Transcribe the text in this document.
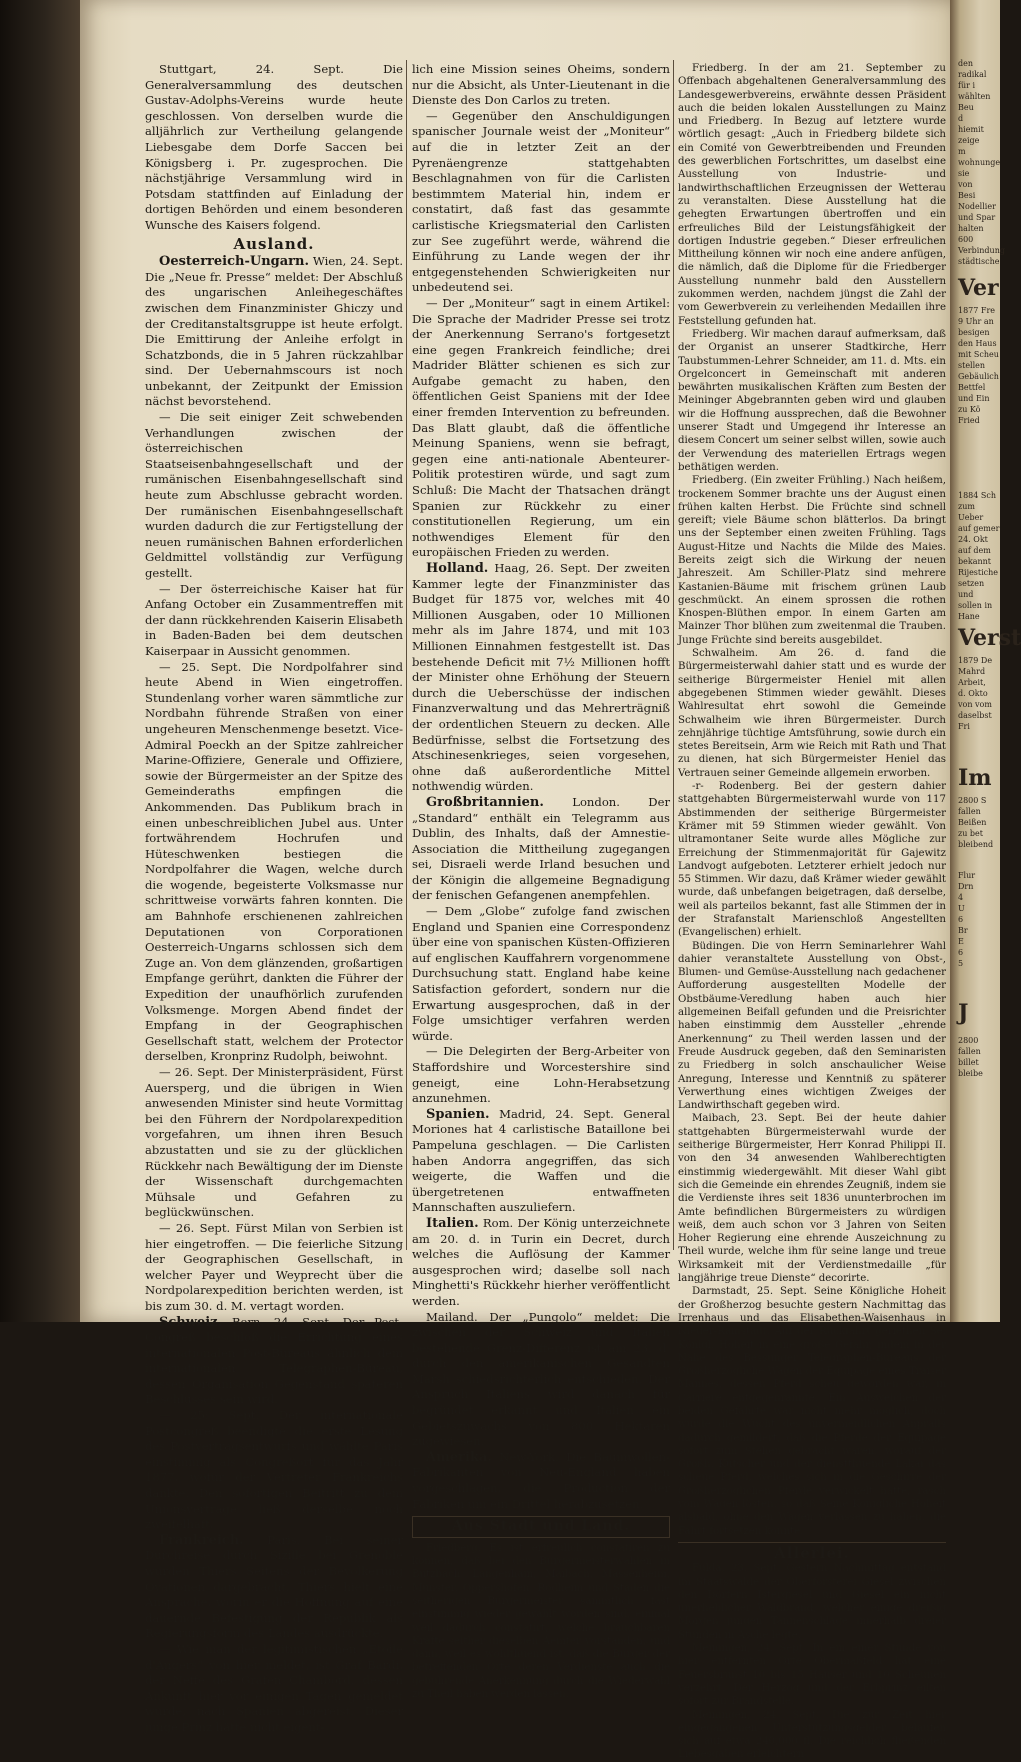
Stuttgart, 24. Sept. Die Generalversammlung des deutschen Gustav-Adolphs-Vereins wurde heute geschlossen. Von derselben wurde die alljährlich zur Vertheilung gelangende Liebesgabe dem Dorfe Saccen bei Königsberg i. Pr. zugesprochen. Die nächstjährige Versammlung wird in Potsdam stattfinden auf Einladung der dortigen Behörden und einem besonderen Wunsche des Kaisers folgend.

Ausland.

Oesterreich-Ungarn. Wien, 24. Sept. Die „Neue fr. Presse“ meldet: Der Abschluß des ungarischen Anleihegeschäftes zwischen dem Finanzminister Ghiczy und der Creditanstaltsgruppe ist heute erfolgt. Die Emittirung der Anleihe erfolgt in Schatzbonds, die in 5 Jahren rückzahlbar sind. Der Uebernahmscours ist noch unbekannt, der Zeitpunkt der Emission nächst bevorstehend.

— Die seit einiger Zeit schwebenden Verhandlungen zwischen der österreichischen Staatseisenbahngesellschaft und der rumänischen Eisenbahngesellschaft sind heute zum Abschlusse gebracht worden. Der rumänischen Eisenbahngesellschaft wurden dadurch die zur Fertigstellung der neuen rumänischen Bahnen erforderlichen Geldmittel vollständig zur Verfügung gestellt.

— Der österreichische Kaiser hat für Anfang October ein Zusammentreffen mit der dann rückkehrenden Kaiserin Elisabeth in Baden-Baden bei dem deutschen Kaiserpaar in Aussicht genommen.

— 25. Sept. Die Nordpolfahrer sind heute Abend in Wien eingetroffen. Stundenlang vorher waren sämmtliche zur Nordbahn führende Straßen von einer ungeheuren Menschenmenge besetzt. Vice-Admiral Poeckh an der Spitze zahlreicher Marine-Offiziere, Generale und Offiziere, sowie der Bürgermeister an der Spitze des Gemeinderaths empfingen die Ankommenden. Das Publikum brach in einen unbeschreiblichen Jubel aus. Unter fortwährendem Hochrufen und Hüteschwenken bestiegen die Nordpolfahrer die Wagen, welche durch die wogende, begeisterte Volksmasse nur schrittweise vorwärts fahren konnten. Die am Bahnhofe erschienenen zahlreichen Deputationen von Corporationen Oesterreich-Ungarns schlossen sich dem Zuge an. Von dem glänzenden, großartigen Empfange gerührt, dankten die Führer der Expedition der unaufhörlich zurufenden Volksmenge. Morgen Abend findet der Empfang in der Geographischen Gesellschaft statt, welchem der Protector derselben, Kronprinz Rudolph, beiwohnt.

— 26. Sept. Der Ministerpräsident, Fürst Auersperg, und die übrigen in Wien anwesenden Minister sind heute Vormittag bei den Führern der Nordpolarexpedition vorgefahren, um ihnen ihren Besuch abzustatten und sie zu der glücklichen Rückkehr nach Bewältigung der im Dienste der Wissenschaft durchgemachten Mühsale und Gefahren zu beglückwünschen.

— 26. Sept. Fürst Milan von Serbien ist hier eingetroffen. — Die feierliche Sitzung der Geographischen Gesellschaft, in welcher Payer und Weyprecht über die Nordpolarexpedition berichten werden, ist bis zum 30. d. M. vertagt worden.

Schweiz. Bern, 24. Sept. Der Post-Congreß beschloß die Errichtung eines internationalen Post-Büreaus ähnlich dem internationalen Telegraphen-Büreau, dessen Organisation Gegenstand späteren Beschlusses sein wird.

— 25: Sept. Der internationale Postcongreß beendigte die erste Lesung des Postvertragsentwurfs und wählte Paris einstimmig als Congreßort für das Jahr 1877, wofür der Vertreter Frankreichs dankte. Den sofortigen Beitritt zu dem Unionsvertrage ließ derselbe noch zweifelhaft.

Frankreich. Paris. Bei seiner Durchreise durch Sizille bei Grenoble wurden Thiers Seitens der Bevölkerung Ovationen dargebracht. Thiers hielt eine Ansprache, worin er die Hoffnung auf eine dauernde Befestigung der Republik als Regierungsform des Landes ausdrückte.

— Wie man der legitimistischen „Etoile d'Angers“ von hier meldet, ist Graf Bardi, der Neffe des Grafen Chambord, dessen Ankunft hier vor einigen Tagen gemeldet wurde, nach Spanien abgereist. Dieser junge Prinz hätte nicht eigent-

lich eine Mission seines Oheims, sondern nur die Absicht, als Unter-Lieutenant in die Dienste des Don Carlos zu treten.

— Gegenüber den Anschuldigungen spanischer Journale weist der „Moniteur“ auf die in letzter Zeit an der Pyrenäengrenze stattgehabten Beschlagnahmen von für die Carlisten bestimmtem Material hin, indem er constatirt, daß fast das gesammte carlistische Kriegsmaterial den Carlisten zur See zugeführt werde, während die Einführung zu Lande wegen der ihr entgegenstehenden Schwierigkeiten nur unbedeutend sei.

— Der „Moniteur“ sagt in einem Artikel: Die Sprache der Madrider Presse sei trotz der Anerkennung Serrano's fortgesetzt eine gegen Frankreich feindliche; drei Madrider Blätter schienen es sich zur Aufgabe gemacht zu haben, den öffentlichen Geist Spaniens mit der Idee einer fremden Intervention zu befreunden. Das Blatt glaubt, daß die öffentliche Meinung Spaniens, wenn sie befragt, gegen eine anti-nationale Abenteurer-Politik protestiren würde, und sagt zum Schluß: Die Macht der Thatsachen drängt Spanien zur Rückkehr zu einer constitutionellen Regierung, um ein nothwendiges Element für den europäischen Frieden zu werden.

Holland. Haag, 26. Sept. Der zweiten Kammer legte der Finanzminister das Budget für 1875 vor, welches mit 40 Millionen Ausgaben, oder 10 Millionen mehr als im Jahre 1874, und mit 103 Millionen Einnahmen festgestellt ist. Das bestehende Deficit mit 7½ Millionen hofft der Minister ohne Erhöhung der Steuern durch die Ueberschüsse der indischen Finanzverwaltung und das Mehrerträgniß der ordentlichen Steuern zu decken. Alle Bedürfnisse, selbst die Fortsetzung des Atschinesenkrieges, seien vorgesehen, ohne daß außerordentliche Mittel nothwendig würden.

Großbritannien. London. Der „Standard“ enthält ein Telegramm aus Dublin, des Inhalts, daß der Amnestie-Association die Mittheilung zugegangen sei, Disraeli werde Irland besuchen und der Königin die allgemeine Begnadigung der fenischen Gefangenen anempfehlen.

— Dem „Globe“ zufolge fand zwischen England und Spanien eine Correspondenz über eine von spanischen Küsten-Offizieren auf englischen Kauffahrern vorgenommene Durchsuchung statt. England habe keine Satisfaction gefordert, sondern nur die Erwartung ausgesprochen, daß in der Folge umsichtiger verfahren werden würde.

— Die Delegirten der Berg-Arbeiter von Staffordshire und Worcestershire sind geneigt, eine Lohn-Herabsetzung anzunehmen.

Spanien. Madrid, 24. Sept. General Moriones hat 4 carlistische Bataillone bei Pampeluna geschlagen. — Die Carlisten haben Andorra angegriffen, das sich weigerte, die Waffen und die übergetretenen entwaffneten Mannschaften auszuliefern.

Italien. Rom. Der König unterzeichnete am 20. d. in Turin ein Decret, durch welches die Auflösung der Kammer ausgesprochen wird; daselbe soll nach Minghetti's Rückkehr hierher veröffentlicht werden.

Mailand. Der „Pungolo“ meldet: Die zwischen der Schweiz und Italien bestehende Grenz-Differenz ist am 23. d. durch den amerikanischen Gesandten Marsh schiedsrichterlich entschieden. Der Anspruch Italiens wird danach für begründet erkannt und Italien ein Gebietszuwachs von 800 Hektaren zugewiesen.

Amerika. New-York. Die Baumwollen-Fabrikanten von Neu-England haben vorgeschlagen, die Production der Fabriken um ein Drittel herabzusetzen.

Aus Stadt und Land.

Friedberg. Es ist erfreulich constatiren zu können, daß bei den Bürgermeisterwahlen in Butzbach, Langenhain, Maibach, Massenheim, Münster, Oppershofen, Rodheim und Staden die seitherigen Bürgermeister sämmtlich fast einstimmig wieder gewählt worden sind, einmal weil dadurch constatirt, welche brauchbaren Kräfte seither dieselben Aemter vorstanden, und dann, weil es wohlthuend ist, daß die Bürger der betreffenden Orte deren Verdienste auch die gebührende Anerkennung durch die Wiederwahl zu Theil haben werden lassen.

Friedberg. In der am 21. September zu Offenbach abgehaltenen Generalversammlung des Landesgewerbvereins, erwähnte dessen Präsident auch die beiden lokalen Ausstellungen zu Mainz und Friedberg. In Bezug auf letztere wurde wörtlich gesagt: „Auch in Friedberg bildete sich ein Comité von Gewerbtreibenden und Freunden des gewerblichen Fortschrittes, um daselbst eine Ausstellung von Industrie- und landwirthschaftlichen Erzeugnissen der Wetterau zu veranstalten. Diese Ausstellung hat die gehegten Erwartungen übertroffen und ein erfreuliches Bild der Leistungsfähigkeit der dortigen Industrie gegeben.“ Dieser erfreulichen Mittheilung können wir noch eine andere anfügen, die nämlich, daß die Diplome für die Friedberger Ausstellung nunmehr bald den Ausstellern zukommen werden, nachdem jüngst die Zahl der vom Gewerbverein zu verleihenden Medaillen ihre Feststellung gefunden hat.

Friedberg. Wir machen darauf aufmerksam, daß der Organist an unserer Stadtkirche, Herr Taubstummen-Lehrer Schneider, am 11. d. Mts. ein Orgelconcert in Gemeinschaft mit anderen bewährten musikalischen Kräften zum Besten der Meininger Abgebrannten geben wird und glauben wir die Hoffnung aussprechen, daß die Bewohner unserer Stadt und Umgegend ihr Interesse an diesem Concert um seiner selbst willen, sowie auch der Verwendung des materiellen Ertrags wegen bethätigen werden.

Friedberg. (Ein zweiter Frühling.) Nach heißem, trockenem Sommer brachte uns der August einen frühen kalten Herbst. Die Früchte sind schnell gereift; viele Bäume schon blätterlos. Da bringt uns der September einen zweiten Frühling. Tags August-Hitze und Nachts die Milde des Maies. Bereits zeigt sich die Wirkung der neuen Jahreszeit. Am Schiller-Platz sind mehrere Kastanien-Bäume mit frischem grünen Laub geschmückt. An einem sprossen die rothen Knospen-Blüthen empor. In einem Garten am Mainzer Thor blühen zum zweitenmal die Trauben. Junge Früchte sind bereits ausgebildet.

Schwalheim. Am 26. d. fand die Bürgermeisterwahl dahier statt und es wurde der seitherige Bürgermeister Heniel mit allen abgegebenen Stimmen wieder gewählt. Dieses Wahlresultat ehrt sowohl die Gemeinde Schwalheim wie ihren Bürgermeister. Durch zehnjährige tüchtige Amtsführung, sowie durch ein stetes Bereitsein, Arm wie Reich mit Rath und That zu dienen, hat sich Bürgermeister Heniel das Vertrauen seiner Gemeinde allgemein erworben.

-r- Rodenberg. Bei der gestern dahier stattgehabten Bürgermeisterwahl wurde von 117 Abstimmenden der seitherige Bürgermeister Krämer mit 59 Stimmen wieder gewählt. Von ultramontaner Seite wurde alles Mögliche zur Erreichung der Stimmenmajorität für Gajewitz Landvogt aufgeboten. Letzterer erhielt jedoch nur 55 Stimmen. Wir dazu, daß Krämer wieder gewählt wurde, daß unbefangen beigetragen, daß derselbe, weil als parteilos bekannt, fast alle Stimmen der in der Strafanstalt Marienschloß Angestellten (Evangelischen) erhielt.

Büdingen. Die von Herrn Seminarlehrer Wahl dahier veranstaltete Ausstellung von Obst-, Blumen- und Gemüse-Ausstellung nach gedachener Aufforderung ausgestellten Modelle der Obstbäume-Veredlung haben auch hier allgemeinen Beifall gefunden und die Preisrichter haben einstimmig dem Aussteller „ehrende Anerkennung“ zu Theil werden lassen und der Freude Ausdruck gegeben, daß den Seminaristen zu Friedberg in solch anschaulicher Weise Anregung, Interesse und Kenntniß zu späterer Verwerthung eines wichtigen Zweiges der Landwirthschaft gegeben wird.

Maibach, 23. Sept. Bei der heute dahier stattgehabten Bürgermeisterwahl wurde der seitherige Bürgermeister, Herr Konrad Philippi II. von den 34 anwesenden Wahlberechtigten einstimmig wiedergewählt. Mit dieser Wahl gibt sich die Gemeinde ein ehrendes Zeugniß, indem sie die Verdienste ihres seit 1836 ununterbrochen im Amte befindlichen Bürgermeisters zu würdigen weiß, dem auch schon vor 3 Jahren von Seiten Hoher Regierung eine ehrende Auszeichnung zu Theil wurde, welche ihm für seine lange und treue Wirksamkeit mit der Verdienstmedaille „für langjährige treue Dienste“ decorirte.

Darmstadt, 25. Sept. Seine Königliche Hoheit der Großherzog besuchte gestern Nachmittag das Irrenhaus und das Elisabethen-Waisenhaus in Nieder-Ramstadt. Auf der Rückfahrt geriethen Se. Königl. Hoheit in eine große Gefahr, indem in der Nähe des Bessunger Telegraphen-Bureaus der Großherzogliche Wagen der Equipage eines Traiser Mannes, dessen Pferd scheu geworden war, in Carriere entgegenrannte. Ein Ausweichen der beiden Gefährte war nicht mehr möglich, doch wurde die Wucht des unvermeidlichen Anpralls dadurch gemildert, daß die Pferde der Equipage sofort zum Stehen gebracht waren, worauf der Großh. Kutscher und der dienstthuende Lakai das scheue Pferd, welches sich in die Geschirre der Großherzoglichen Pferde verwickelt hatte, rasch vom Wagen lösten, so daß Seine Königliche Hoheit alsbald, ohne den Wagen verlassen zu haben, die Fahrt fortsetzen konnte.

Allerlei.

Fulda, 23. Sept. Gestern Nachmittag entstand im Staatswalde der Oberförsterei Giesel zwischen den Dörfern Istergiesel und Giesel ein nicht unerheblicher Waldbrand, welcher einige dreißig Morgen jungen Tannenschläge innerhalb dreier Stunden in Asche legte.

Meiningen, 24. Sept. In ein einer Stunde von hier entfernten Orte Obermaßfeld hat eine Feuersbrunst 10 bis 15 Häuser und 10 Scheunen verzehrt. Der Herzog und der Erbprinz eilten sofort zur Brandstelle.

Meiningen, 24. Sept. Die zur Zeit hier eingegangenen Unterstützungsgelder belaufen sich auf etwa 240,000 fl. Die reichlich fließenden Liebesgaben erleichtern

den radikal
für i
wählten
Beu
d
hiemit
zeige
m
wohnunge
sie
von
Besi
Nodellier
und Spar
halten 600
Verbindung
städtische
Ver
1877 Fre
9 Uhr an
besigen
den Haus
mit Scheu
stellen
Gebäulich
Bettfel
und Ein
zu Kö
Fried
1884 Sch
zum Ueber
auf gemer
24. Okt
auf dem
bekannt
Rijestiche
setzen und
sollen in
Hane
Verst
1879 De
Mahrd
Arbeit,
d. Okto
von vom
daselbst
Fri
Im
2800 S
fallen
Beißen
zu bet
bleibend
Flur
Drn
4
U
6
Br
E
6
5
J
2800
fallen
billet
bleibe
